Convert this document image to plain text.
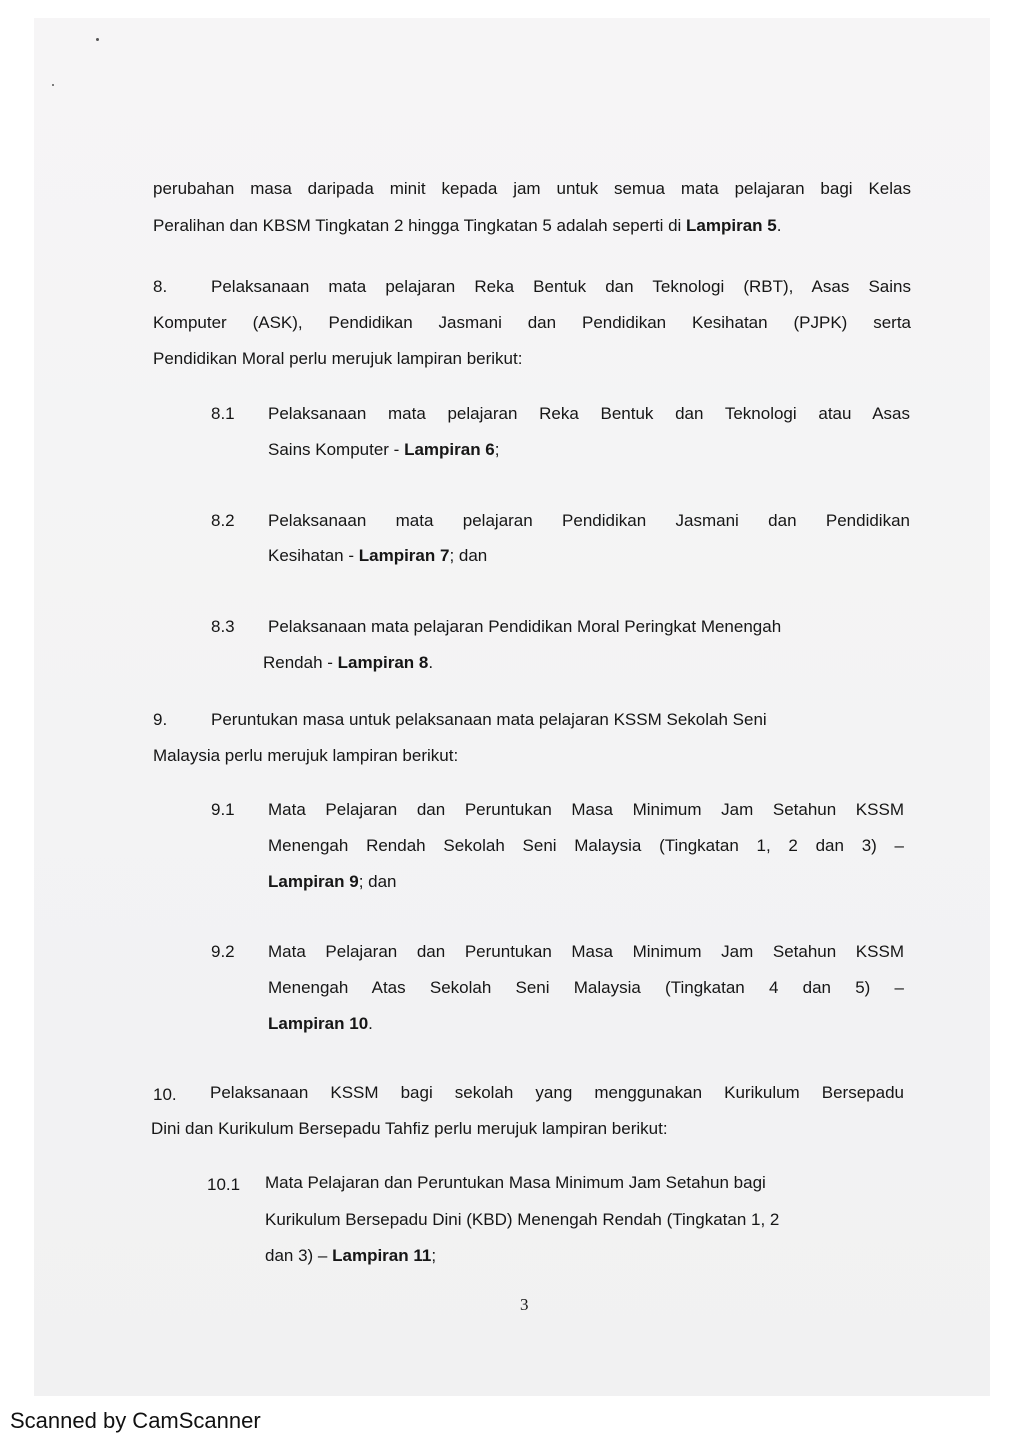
perubahan masa daripada minit kepada jam untuk semua mata pelajaran bagi Kelas
Peralihan dan KBSM Tingkatan 2 hingga Tingkatan 5 adalah seperti di Lampiran 5.
8.	Pelaksanaan mata pelajaran Reka Bentuk dan Teknologi (RBT), Asas Sains
Komputer (ASK), Pendidikan Jasmani dan Pendidikan Kesihatan (PJPK) serta
Pendidikan Moral perlu merujuk lampiran berikut:
8.1 Pelaksanaan mata pelajaran Reka Bentuk dan Teknologi atau Asas
Sains Komputer - Lampiran 6;
8.2 Pelaksanaan mata pelajaran Pendidikan Jasmani dan Pendidikan
Kesihatan - Lampiran 7; dan
8.3 Pelaksanaan mata pelajaran Pendidikan Moral Peringkat Menengah
Rendah - Lampiran 8.
9.	Peruntukan masa untuk pelaksanaan mata pelajaran KSSM Sekolah Seni
Malaysia perlu merujuk lampiran berikut:
9.1 Mata Pelajaran dan Peruntukan Masa Minimum Jam Setahun KSSM
Menengah Rendah Sekolah Seni Malaysia (Tingkatan 1, 2 dan 3) –
Lampiran 9; dan
9.2 Mata Pelajaran dan Peruntukan Masa Minimum Jam Setahun KSSM
Menengah Atas Sekolah Seni Malaysia (Tingkatan 4 dan 5) –
Lampiran 10.
10. Pelaksanaan KSSM bagi sekolah yang menggunakan Kurikulum Bersepadu
Dini dan Kurikulum Bersepadu Tahfiz perlu merujuk lampiran berikut:
10.1 Mata Pelajaran dan Peruntukan Masa Minimum Jam Setahun bagi
Kurikulum Bersepadu Dini (KBD) Menengah Rendah (Tingkatan 1, 2
dan 3) – Lampiran 11;
3
Scanned by CamScanner
